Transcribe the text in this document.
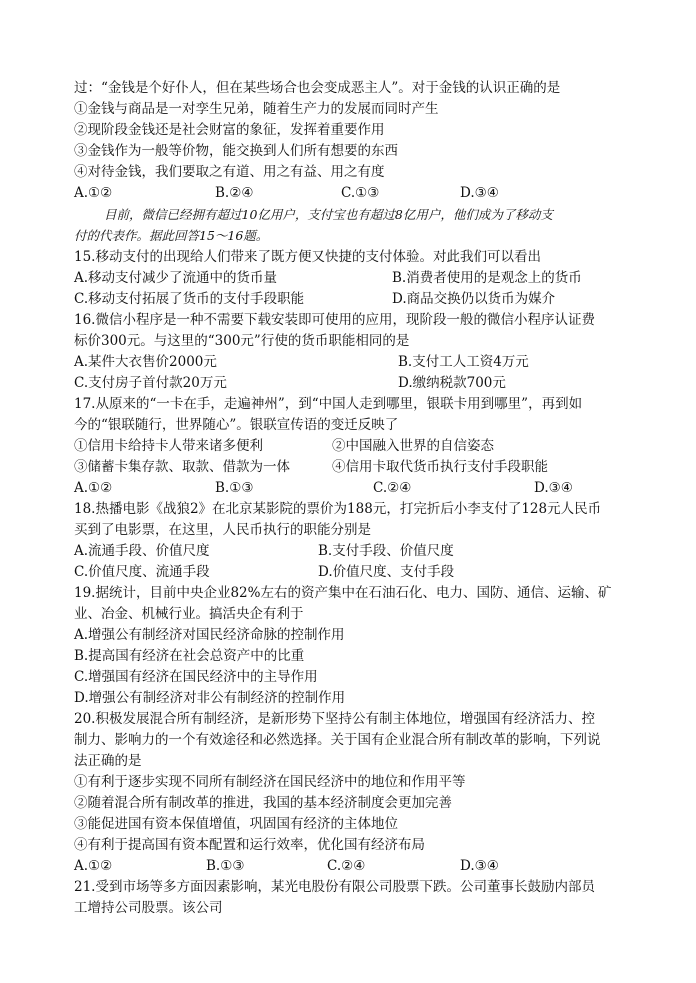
过：“金钱是个好仆人，但在某些场合也会变成恶主人”。对于金钱的认识正确的是
①金钱与商品是一对孪生兄弟，随着生产力的发展而同时产生
②现阶段金钱还是社会财富的象征，发挥着重要作用
③金钱作为一般等价物，能交换到人们所有想要的东西
④对待金钱，我们要取之有道、用之有益、用之有度
A.①②	B.②④	C.①③	D.③④
目前，微信已经拥有超过10亿用户，支付宝也有超过8亿用户，他们成为了移动支
付的代表作。据此回答15～16题。
15.移动支付的出现给人们带来了既方便又快捷的支付体验。对此我们可以看出
A.移动支付减少了流通中的货币量	B.消费者使用的是观念上的货币
C.移动支付拓展了货币的支付手段职能	D.商品交换仍以货币为媒介
16.微信小程序是一种不需要下载安装即可使用的应用，现阶段一般的微信小程序认证费
标价300元。与这里的“300元”行使的货币职能相同的是
A.某件大衣售价2000元	B.支付工人工资4万元
C.支付房子首付款20万元	D.缴纳税款700元
17.从原来的“一卡在手，走遍神州”，到“中国人走到哪里，银联卡用到哪里”，再到如
今的“银联随行，世界随心”。银联宣传语的变迁反映了
①信用卡给持卡人带来诸多便利	②中国融入世界的自信姿态
③储蓄卡集存款、取款、借款为一体	④信用卡取代货币执行支付手段职能
A.①②	B.①③	C.②④	D.③④
18.热播电影《战狼2》在北京某影院的票价为188元，打完折后小李支付了128元人民币
买到了电影票，在这里，人民币执行的职能分别是
A.流通手段、价值尺度	B.支付手段、价值尺度
C.价值尺度、流通手段	D.价值尺度、支付手段
19.据统计，目前中央企业82%左右的资产集中在石油石化、电力、国防、通信、运输、矿
业、冶金、机械行业。搞活央企有利于
A.增强公有制经济对国民经济命脉的控制作用
B.提高国有经济在社会总资产中的比重
C.增强国有经济在国民经济中的主导作用
D.增强公有制经济对非公有制经济的控制作用
20.积极发展混合所有制经济，是新形势下坚持公有制主体地位，增强国有经济活力、控
制力、影响力的一个有效途径和必然选择。关于国有企业混合所有制改革的影响，下列说
法正确的是
①有利于逐步实现不同所有制经济在国民经济中的地位和作用平等
②随着混合所有制改革的推进，我国的基本经济制度会更加完善
③能促进国有资本保值增值，巩固国有经济的主体地位
④有利于提高国有资本配置和运行效率，优化国有经济布局
A.①②	B.①③	C.②④	D.③④
21.受到市场等多方面因素影响，某光电股份有限公司股票下跌。公司董事长鼓励内部员
工增持公司股票。该公司
